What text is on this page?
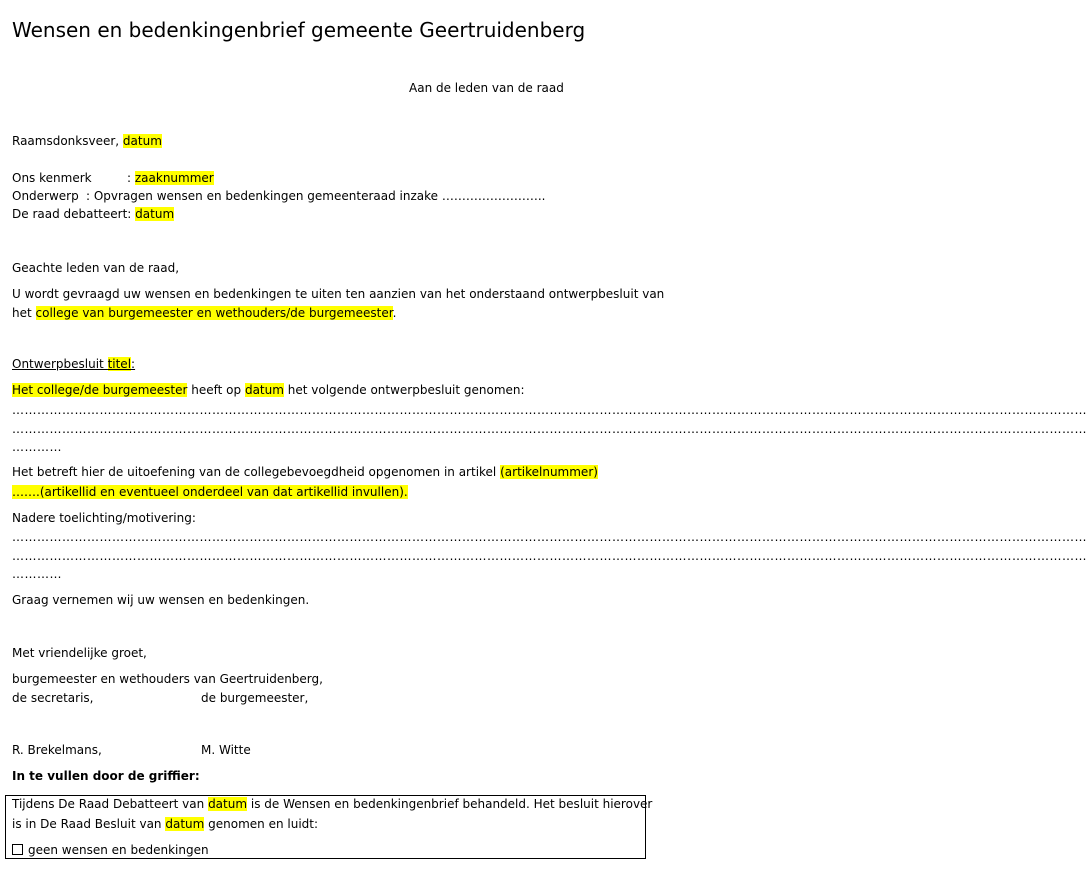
Wensen en bedenkingenbrief gemeente Geertruidenberg
Aan de leden van de raad
Raamsdonksveer, datum
Ons kenmerk	: zaaknummer
Onderwerp : Opvragen wensen en bedenkingen gemeenteraad inzake ……………………..
De raad debatteert: datum
Geachte leden van de raad,
U wordt gevraagd uw wensen en bedenkingen te uiten ten aanzien van het onderstaand ontwerpbesluit van
het college van burgemeester en wethouders/de burgemeester.
Ontwerpbesluit titel:
Het college/de burgemeester heeft op datum het volgende ontwerpbesluit genomen:
……………………………………………………………………………………………………………………………………………………………………………………………………………………………………
……………………………………………………………………………………………………………………………………………………………………………………………………………………………………
…………
Het betreft hier de uitoefening van de collegebevoegdheid opgenomen in artikel (artikelnummer)
…….(artikellid en eventueel onderdeel van dat artikellid invullen).
Nadere toelichting/motivering:
……………………………………………………………………………………………………………………………………………………………………………………………………………………………………
……………………………………………………………………………………………………………………………………………………………………………………………………………………………………
…………
Graag vernemen wij uw wensen en bedenkingen.
Met vriendelijke groet,
burgemeester en wethouders van Geertruidenberg,
de secretaris,	de burgemeester,
R. Brekelmans,	M. Witte
In te vullen door de griffier:
Tijdens De Raad Debatteert van datum is de Wensen en bedenkingenbrief behandeld. Het besluit hierover
is in De Raad Besluit van datum genomen en luidt:
geen wensen en bedenkingen
